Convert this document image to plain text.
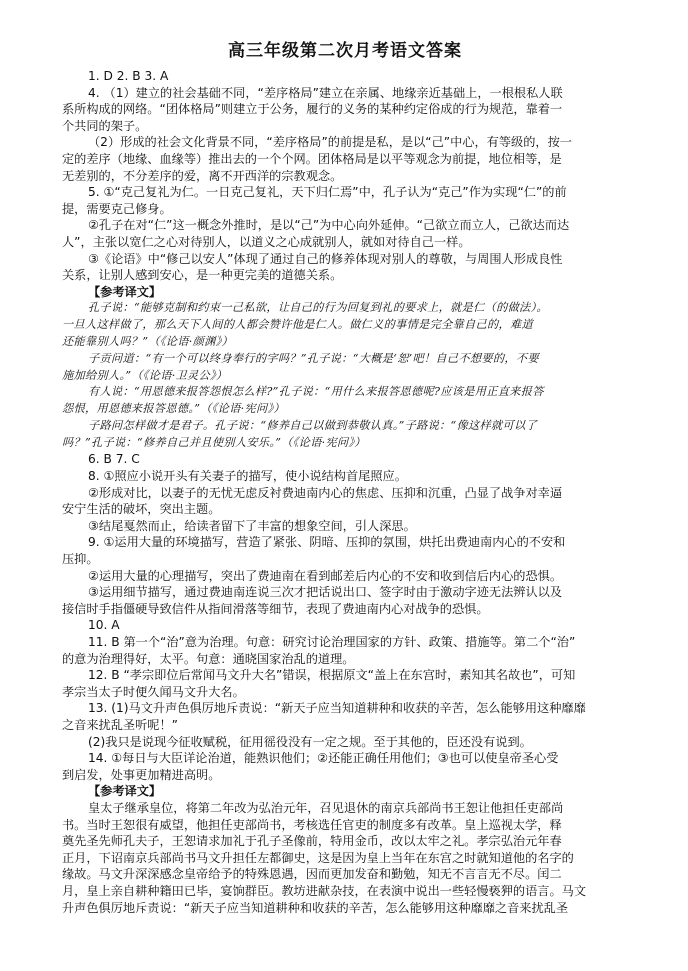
高三年级第二次月考语文答案
1. D 2. B 3. A
4. （1）建立的社会基础不同，“差序格局”建立在亲属、地缘亲近基础上，一根根私人联
系所构成的网络。“团体格局”则建立于公务，履行的义务的某种约定俗成的行为规范，靠着一
个共同的架子。
（2）形成的社会文化背景不同，“差序格局”的前提是私，是以“己”中心，有等级的，按一
定的差序（地缘、血缘等）推出去的一个个网。团体格局是以平等观念为前提，地位相等，是
无差别的，不分差序的爱，离不开西洋的宗教观念。
5. ①“克己复礼为仁。一日克己复礼，天下归仁焉”中，孔子认为“克己”作为实现“仁”的前
提，需要克己修身。
②孔子在对“仁”这一概念外推时，是以“己”为中心向外延伸。“己欲立而立人，己欲达而达
人”，主张以宽仁之心对待别人，以道义之心成就别人，就如对待自己一样。
③《论语》中“修己以安人”体现了通过自己的修养体现对别人的尊敬，与周围人形成良性
关系，让别人感到安心，是一种更完美的道德关系。
【参考译文】
孔子说：“能够克制和约束一己私欲，让自己的行为回复到礼的要求上，就是仁（的做法）。
一旦人这样做了，那么天下人间的人都会赞许他是仁人。做仁义的事情是完全靠自己的，难道
还能靠别人吗？”（《论语·颜渊》）
子贡问道：“有一个可以终身奉行的字吗？”孔子说：“大概是‘恕’吧！自己不想要的，不要
施加给别人。”（《论语·卫灵公》）
有人说：“用恩德来报答怨恨怎么样?”孔子说：“用什么来报答恩德呢?应该是用正直来报答
怨恨，用恩德来报答恩德。”（《论语·宪问》）
子路问怎样做才是君子。孔子说：“修养自己以做到恭敬认真。”子路说：“像这样就可以了
吗？”孔子说：“修养自己并且使别人安乐。”（《论语·宪问》）
6. B 7. C
8. ①照应小说开头有关妻子的描写，使小说结构首尾照应。
②形成对比，以妻子的无忧无虑反衬费迪南内心的焦虑、压抑和沉重，凸显了战争对幸逼
安宁生活的破坏，突出主题。
③结尾戛然而止，给读者留下了丰富的想象空间，引人深思。
9. ①运用大量的环境描写，营造了紧张、阴暗、压抑的氛围，烘托出费迪南内心的不安和
压抑。
②运用大量的心理描写，突出了费迪南在看到邮差后内心的不安和收到信后内心的恐惧。
③运用细节描写，通过费迪南连说三次才把话说出口、签字时由于激动字迹无法辨认以及
接信时手指僵硬导致信件从指间滑落等细节，表现了费迪南内心对战争的恐惧。
10. A
11. B 第一个“治”意为治理。句意：研究讨论治理国家的方针、政策、措施等。第二个“治”
的意为治理得好，太平。句意：通晓国家治乱的道理。
12. B “孝宗即位后常闻马文升大名”错误，根据原文“盖上在东宫时，素知其名故也”，可知
孝宗当太子时便久闻马文升大名。
13. (1)马文升声色俱厉地斥责说：“新天子应当知道耕种和收获的辛苦，怎么能够用这种靡靡
之音来扰乱圣听呢！”
(2)我只是说现今征收赋税，征用徭役没有一定之规。至于其他的，臣还没有说到。
14. ①每日与大臣详论治道，能熟识他们；②还能正确任用他们；③也可以使皇帝圣心受
到启发，处事更加精进高明。
【参考译文】
皇太子继承皇位，将第二年改为弘治元年，召见退休的南京兵部尚书王恕让他担任吏部尚
书。当时王恕很有威望，他担任吏部尚书，考核选任官吏的制度多有改革。皇上巡视太学，释
奠先圣先师孔夫子，王恕请求加礼于孔子圣像前，特用金币，改以太牢之礼。孝宗弘治元年春
正月，下诏南京兵部尚书马文升担任左都御史，这是因为皇上当年在东宫之时就知道他的名字的
缘故。马文升深深感念皇帝给予的特殊恩遇，因而更加发奋和勤勉，知无不言言无不尽。闰二
月，皇上亲自耕种籍田已毕，宴饷群臣。教坊进献杂技，在表演中说出一些轻慢亵狎的语言。马文
升声色俱厉地斥责说：“新天子应当知道耕种和收获的辛苦，怎么能够用这种靡靡之音来扰乱圣
